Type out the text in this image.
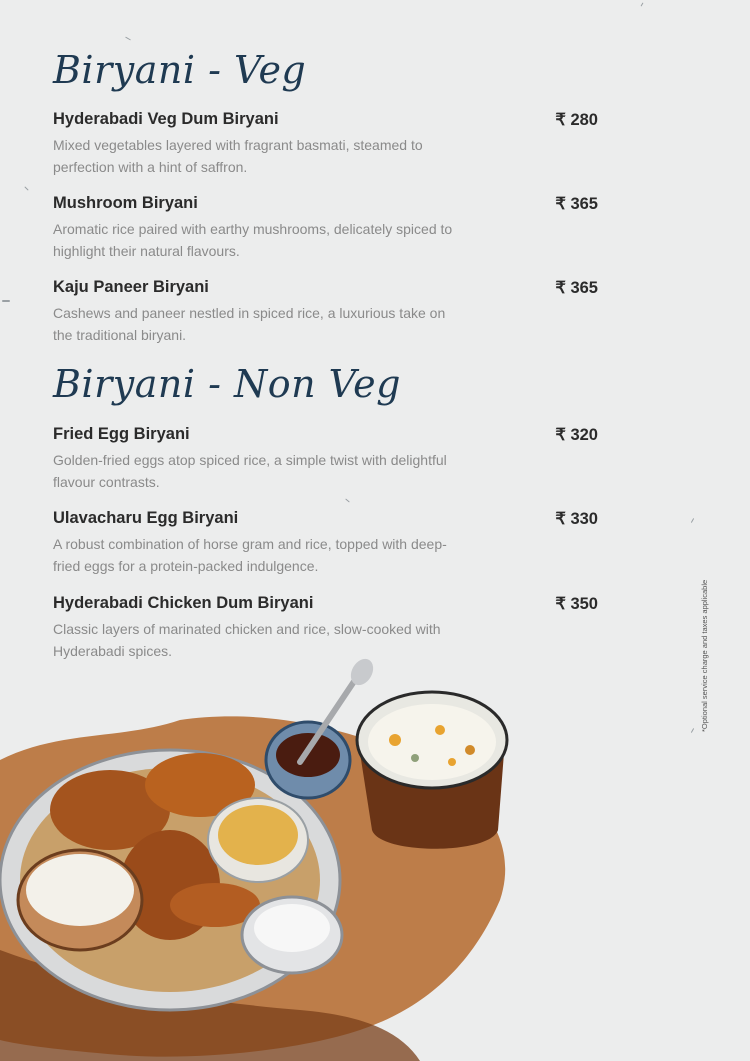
Biryani - Veg
Hyderabadi Veg Dum Biryani	₹ 280
Mixed vegetables layered with fragrant basmati, steamed to perfection with a hint of saffron.
Mushroom Biryani	₹ 365
Aromatic rice paired with earthy mushrooms, delicately spiced to highlight their natural flavours.
Kaju Paneer Biryani	₹ 365
Cashews and paneer nestled in spiced rice, a luxurious take on the traditional biryani.
Biryani - Non Veg
Fried Egg Biryani	₹ 320
Golden-fried eggs atop spiced rice, a simple twist with delightful flavour contrasts.
Ulavacharu Egg Biryani	₹ 330
A robust combination of horse gram and rice, topped with deep-fried eggs for a protein-packed indulgence.
Hyderabadi Chicken Dum Biryani	₹ 350
Classic layers of marinated chicken and rice, slow-cooked with Hyderabadi spices.	*Optional service charge and taxes applicable
